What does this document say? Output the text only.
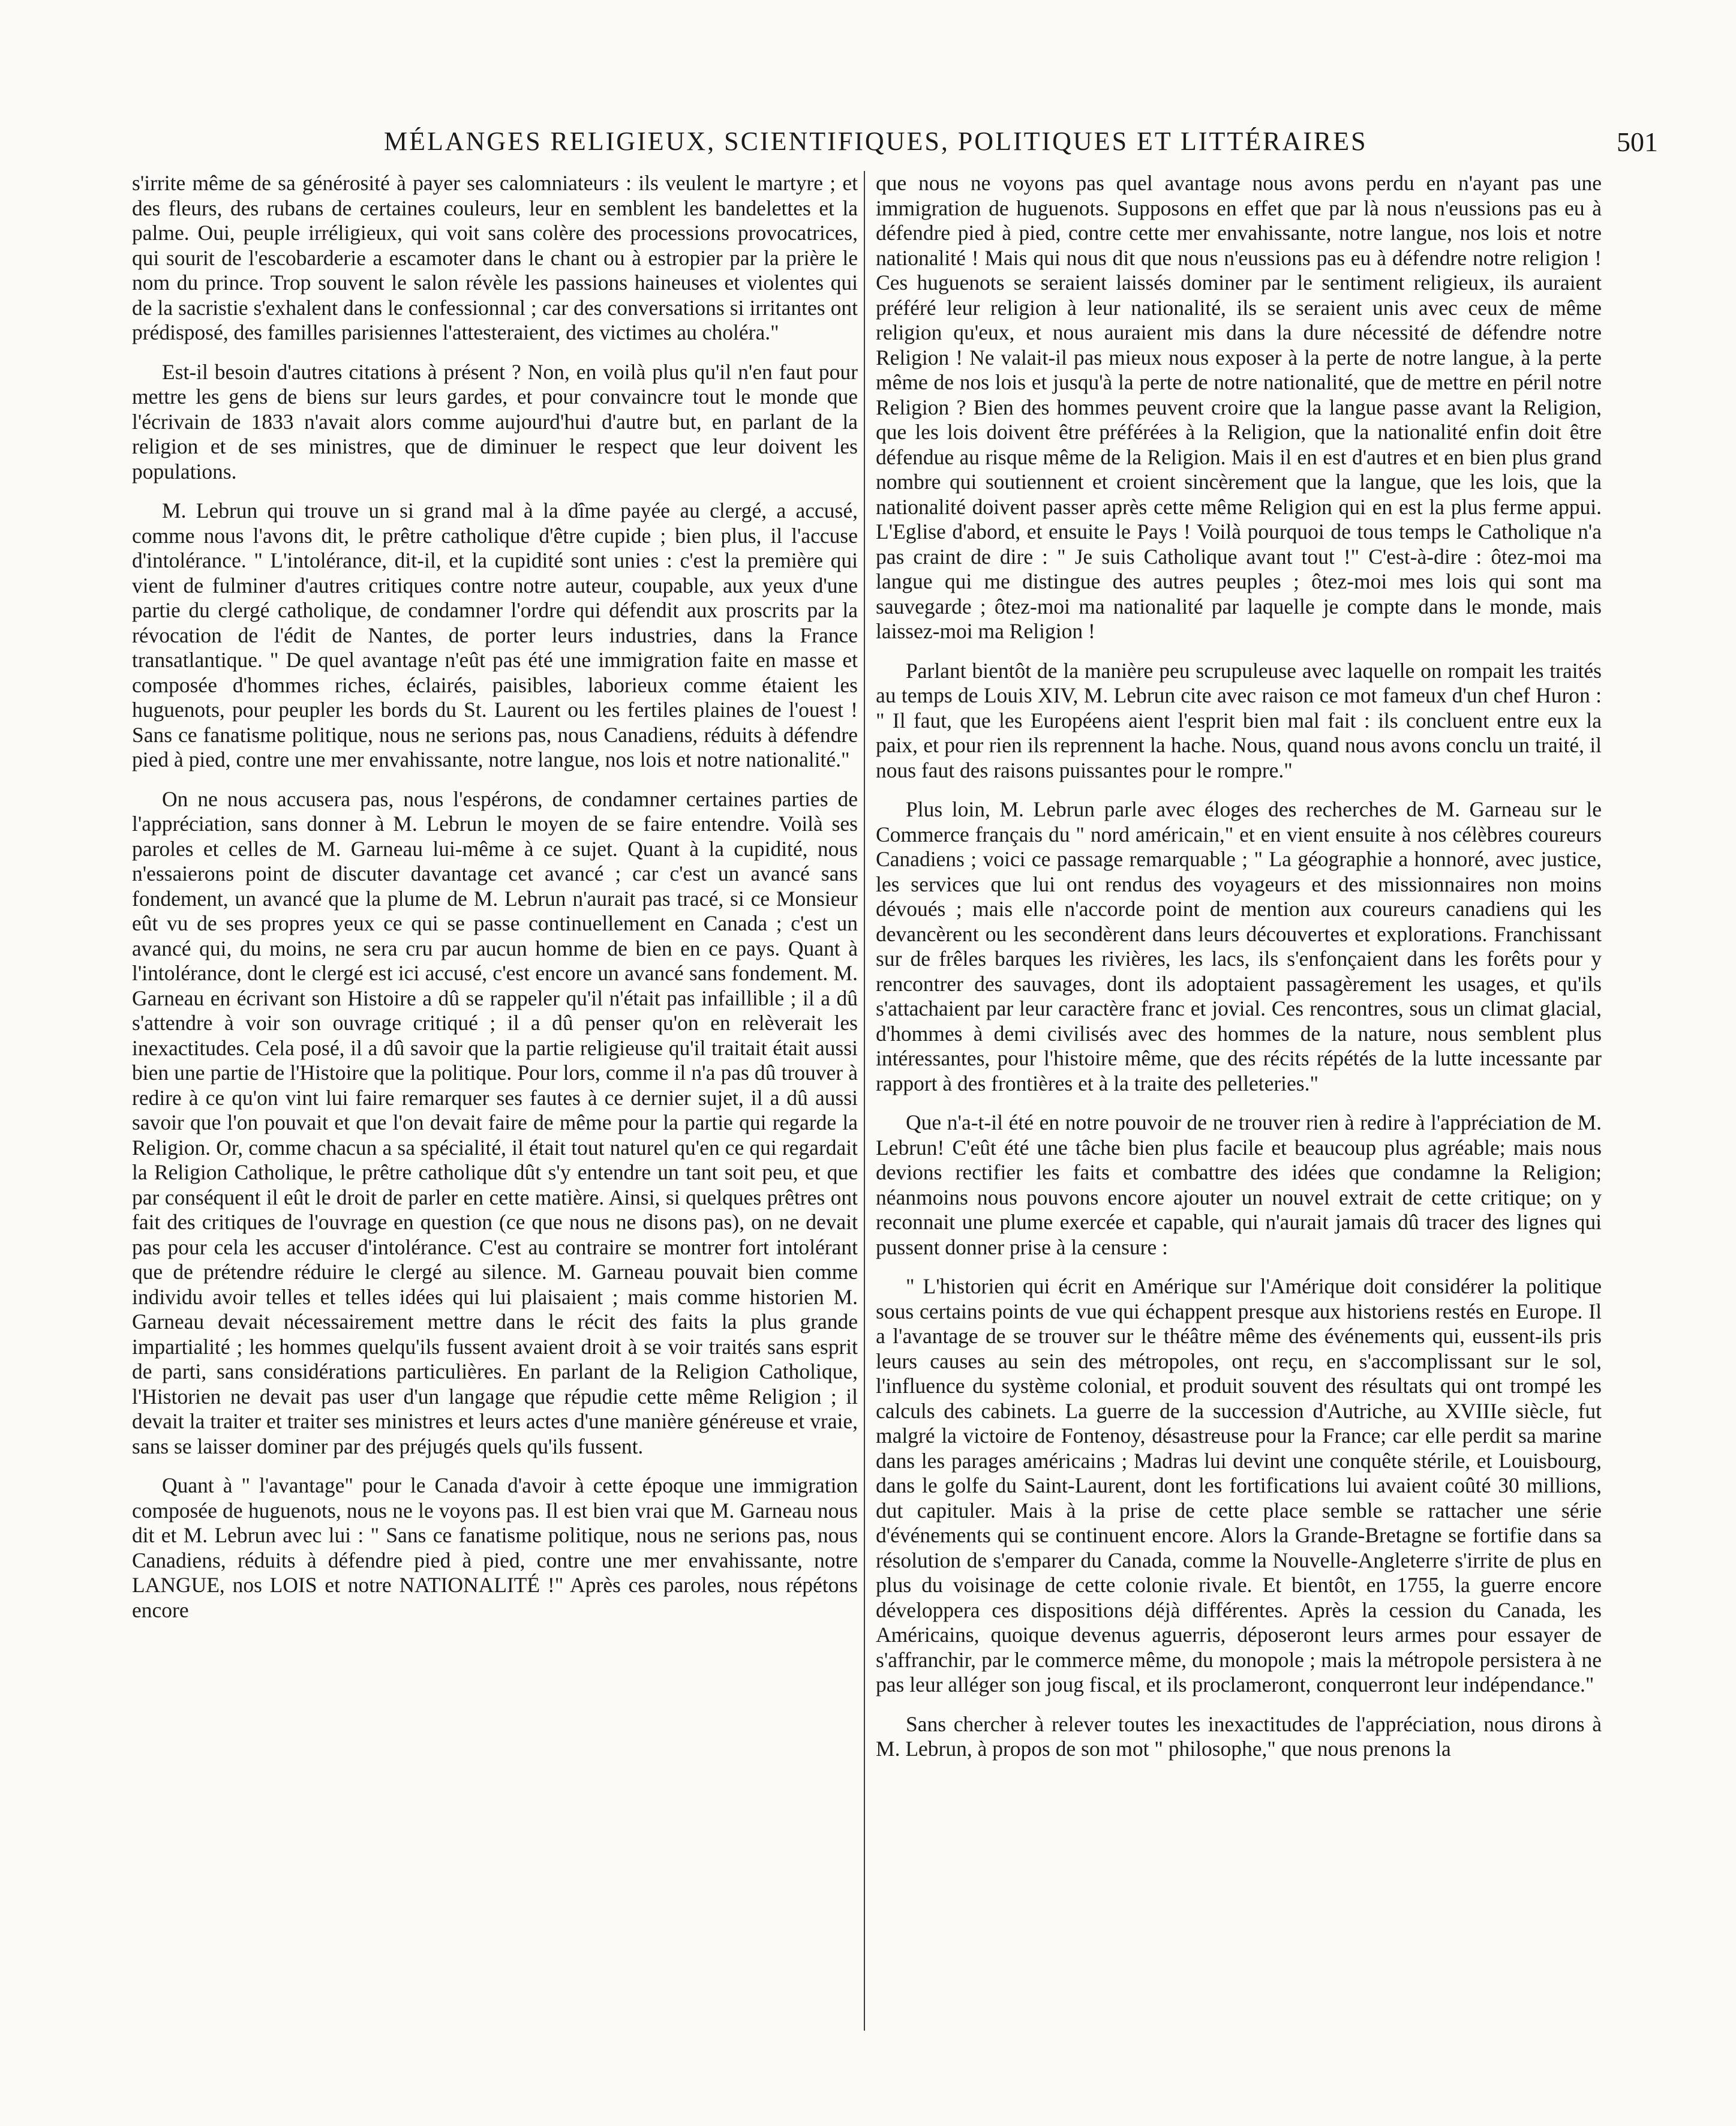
MÉLANGES RELIGIEUX, SCIENTIFIQUES, POLITIQUES ET LITTÉRAIRES	501

s'irrite même de sa générosité à payer ses calomniateurs : ils veulent le martyre ; et des fleurs, des rubans de certaines couleurs, leur en semblent les bandelettes et la palme. Oui, peuple irréligieux, qui voit sans colère des processions provocatrices, qui sourit de l'escobarderie a escamoter dans le chant ou à estropier par la prière le nom du prince. Trop souvent le salon révèle les passions haineuses et violentes qui de la sacristie s'exhalent dans le confessionnal ; car des conversations si irritantes ont prédisposé, des familles parisiennes l'attesteraient, des victimes au choléra."

Est-il besoin d'autres citations à présent ? Non, en voilà plus qu'il n'en faut pour mettre les gens de biens sur leurs gardes, et pour convaincre tout le monde que l'écrivain de 1833 n'avait alors comme aujourd'hui d'autre but, en parlant de la religion et de ses ministres, que de diminuer le respect que leur doivent les populations.

M. Lebrun qui trouve un si grand mal à la dîme payée au clergé, a accusé, comme nous l'avons dit, le prêtre catholique d'être cupide ; bien plus, il l'accuse d'intolérance. " L'intolérance, dit-il, et la cupidité sont unies : c'est la première qui vient de fulminer d'autres critiques contre notre auteur, coupable, aux yeux d'une partie du clergé catholique, de condamner l'ordre qui défendit aux proscrits par la révocation de l'édit de Nantes, de porter leurs industries, dans la France transatlantique. " De quel avantage n'eût pas été une immigration faite en masse et composée d'hommes riches, éclairés, paisibles, laborieux comme étaient les huguenots, pour peupler les bords du St. Laurent ou les fertiles plaines de l'ouest ! Sans ce fanatisme politique, nous ne serions pas, nous Canadiens, réduits à défendre pied à pied, contre une mer envahissante, notre langue, nos lois et notre nationalité."

On ne nous accusera pas, nous l'espérons, de condamner certaines parties de l'appréciation, sans donner à M. Lebrun le moyen de se faire entendre. Voilà ses paroles et celles de M. Garneau lui-même à ce sujet. Quant à la cupidité, nous n'essaierons point de discuter davantage cet avancé ; car c'est un avancé sans fondement, un avancé que la plume de M. Lebrun n'aurait pas tracé, si ce Monsieur eût vu de ses propres yeux ce qui se passe continuellement en Canada ; c'est un avancé qui, du moins, ne sera cru par aucun homme de bien en ce pays. Quant à l'intolérance, dont le clergé est ici accusé, c'est encore un avancé sans fondement. M. Garneau en écrivant son Histoire a dû se rappeler qu'il n'était pas infaillible ; il a dû s'attendre à voir son ouvrage critiqué ; il a dû penser qu'on en relèverait les inexactitudes. Cela posé, il a dû savoir que la partie religieuse qu'il traitait était aussi bien une partie de l'Histoire que la politique. Pour lors, comme il n'a pas dû trouver à redire à ce qu'on vint lui faire remarquer ses fautes à ce dernier sujet, il a dû aussi savoir que l'on pouvait et que l'on devait faire de même pour la partie qui regarde la Religion. Or, comme chacun a sa spécialité, il était tout naturel qu'en ce qui regardait la Religion Catholique, le prêtre catholique dût s'y entendre un tant soit peu, et que par conséquent il eût le droit de parler en cette matière. Ainsi, si quelques prêtres ont fait des critiques de l'ouvrage en question (ce que nous ne disons pas), on ne devait pas pour cela les accuser d'intolérance. C'est au contraire se montrer fort intolérant que de prétendre réduire le clergé au silence. M. Garneau pouvait bien comme individu avoir telles et telles idées qui lui plaisaient ; mais comme historien M. Garneau devait nécessairement mettre dans le récit des faits la plus grande impartialité ; les hommes quelqu'ils fussent avaient droit à se voir traités sans esprit de parti, sans considérations particulières. En parlant de la Religion Catholique, l'Historien ne devait pas user d'un langage que répudie cette même Religion ; il devait la traiter et traiter ses ministres et leurs actes d'une manière généreuse et vraie, sans se laisser dominer par des préjugés quels qu'ils fussent.

Quant à " l'avantage" pour le Canada d'avoir à cette époque une immigration composée de huguenots, nous ne le voyons pas. Il est bien vrai que M. Garneau nous dit et M. Lebrun avec lui : " Sans ce fanatisme politique, nous ne serions pas, nous Canadiens, réduits à défendre pied à pied, contre une mer envahissante, notre LANGUE, nos LOIS et notre NATIONALITÉ !" Après ces paroles, nous répétons encore

que nous ne voyons pas quel avantage nous avons perdu en n'ayant pas une immigration de huguenots. Supposons en effet que par là nous n'eussions pas eu à défendre pied à pied, contre cette mer envahissante, notre langue, nos lois et notre nationalité ! Mais qui nous dit que nous n'eussions pas eu à défendre notre religion ! Ces huguenots se seraient laissés dominer par le sentiment religieux, ils auraient préféré leur religion à leur nationalité, ils se seraient unis avec ceux de même religion qu'eux, et nous auraient mis dans la dure nécessité de défendre notre Religion ! Ne valait-il pas mieux nous exposer à la perte de notre langue, à la perte même de nos lois et jusqu'à la perte de notre nationalité, que de mettre en péril notre Religion ? Bien des hommes peuvent croire que la langue passe avant la Religion, que les lois doivent être préférées à la Religion, que la nationalité enfin doit être défendue au risque même de la Religion. Mais il en est d'autres et en bien plus grand nombre qui soutiennent et croient sincèrement que la langue, que les lois, que la nationalité doivent passer après cette même Religion qui en est la plus ferme appui. L'Eglise d'abord, et ensuite le Pays ! Voilà pourquoi de tous temps le Catholique n'a pas craint de dire : " Je suis Catholique avant tout !" C'est-à-dire : ôtez-moi ma langue qui me distingue des autres peuples ; ôtez-moi mes lois qui sont ma sauvegarde ; ôtez-moi ma nationalité par laquelle je compte dans le monde, mais laissez-moi ma Religion !

Parlant bientôt de la manière peu scrupuleuse avec laquelle on rompait les traités au temps de Louis XIV, M. Lebrun cite avec raison ce mot fameux d'un chef Huron : " Il faut, que les Européens aient l'esprit bien mal fait : ils concluent entre eux la paix, et pour rien ils reprennent la hache. Nous, quand nous avons conclu un traité, il nous faut des raisons puissantes pour le rompre."

Plus loin, M. Lebrun parle avec éloges des recherches de M. Garneau sur le Commerce français du " nord américain," et en vient ensuite à nos célèbres coureurs Canadiens ; voici ce passage remarquable ; " La géographie a honnoré, avec justice, les services que lui ont rendus des voyageurs et des missionnaires non moins dévoués ; mais elle n'accorde point de mention aux coureurs canadiens qui les devancèrent ou les secondèrent dans leurs découvertes et explorations. Franchissant sur de frêles barques les rivières, les lacs, ils s'enfonçaient dans les forêts pour y rencontrer des sauvages, dont ils adoptaient passagèrement les usages, et qu'ils s'attachaient par leur caractère franc et jovial. Ces rencontres, sous un climat glacial, d'hommes à demi civilisés avec des hommes de la nature, nous semblent plus intéressantes, pour l'histoire même, que des récits répétés de la lutte incessante par rapport à des frontières et à la traite des pelleteries."

Que n'a-t-il été en notre pouvoir de ne trouver rien à redire à l'appréciation de M. Lebrun! C'eût été une tâche bien plus facile et beaucoup plus agréable; mais nous devions rectifier les faits et combattre des idées que condamne la Religion; néanmoins nous pouvons encore ajouter un nouvel extrait de cette critique; on y reconnait une plume exercée et capable, qui n'aurait jamais dû tracer des lignes qui pussent donner prise à la censure :

" L'historien qui écrit en Amérique sur l'Amérique doit considérer la politique sous certains points de vue qui échappent presque aux historiens restés en Europe. Il a l'avantage de se trouver sur le théâtre même des événements qui, eussent-ils pris leurs causes au sein des métropoles, ont reçu, en s'accomplissant sur le sol, l'influence du système colonial, et produit souvent des résultats qui ont trompé les calculs des cabinets. La guerre de la succession d'Autriche, au XVIIIe siècle, fut malgré la victoire de Fontenoy, désastreuse pour la France; car elle perdit sa marine dans les parages américains ; Madras lui devint une conquête stérile, et Louisbourg, dans le golfe du Saint-Laurent, dont les fortifications lui avaient coûté 30 millions, dut capituler. Mais à la prise de cette place semble se rattacher une série d'événements qui se continuent encore. Alors la Grande-Bretagne se fortifie dans sa résolution de s'emparer du Canada, comme la Nouvelle-Angleterre s'irrite de plus en plus du voisinage de cette colonie rivale. Et bientôt, en 1755, la guerre encore développera ces dispositions déjà différentes. Après la cession du Canada, les Américains, quoique devenus aguerris, déposeront leurs armes pour essayer de s'affranchir, par le commerce même, du monopole ; mais la métropole persistera à ne pas leur alléger son joug fiscal, et ils proclameront, conquerront leur indépendance."

Sans chercher à relever toutes les inexactitudes de l'appréciation, nous dirons à M. Lebrun, à propos de son mot " philosophe," que nous prenons la
